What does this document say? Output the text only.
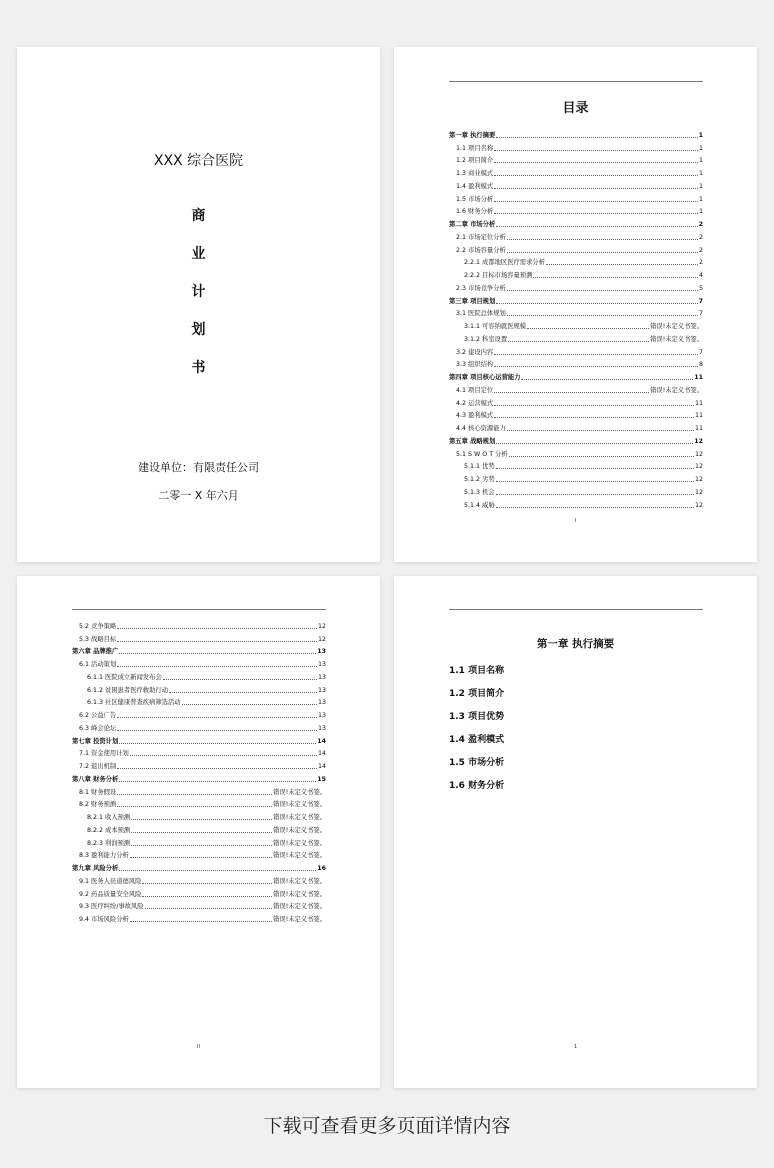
XXX 综合医院
商
业
计
划
书
建设单位：有限责任公司
二零一 X 年六月
目录
第一章 执行摘要	1
1.1 项目名称	1
1.2 项目简介	1
1.3 商业模式	1
1.4 盈利模式	1
1.5 市场分析	1
1.6 财务分析	1
第二章 市场分析	2
2.1 市场定位分析	2
2.2 市场容量分析	2
2.2.1 成都地区医疗需求分析	2
2.2.2 目标市场容量预测	4
2.3 市场竞争分析	5
第三章 项目规划	7
3.1 医院总体规划	7
3.1.1 可容纳就医规模	错误!未定义书签。
3.1.2 科室设置	错误!未定义书签。
3.2 建设内容	7
3.3 组织结构	8
第四章 项目核心运营能力	11
4.1 项目定位	错误!未定义书签。
4.2 运营模式	11
4.3 盈利模式	11
4.4 核心资源能力	11
第五章 战略规划	12
5.1 S W O T 分析	12
5.1.1 优势	12
5.1.2 劣势	12
5.1.3 机会	12
5.1.4 威胁	12
I
5.2 竞争策略	12
5.3 战略目标	12
第六章 品牌推广	13
6.1 活动策划	13
6.1.1 医院成立新闻发布会	13
6.1.2 贫困患者医疗救助行动	13
6.1.3 社区健康普查疾病筛选活动	13
6.2 公益广告	13
6.3 峰会论坛	13
第七章 投资计划	14
7.1 资金使用计划	14
7.2 退出机制	14
第八章 财务分析	15
8.1 财务假设	错误!未定义书签。
8.2 财务预测	错误!未定义书签。
8.2.1 收入预测	错误!未定义书签。
8.2.2 成本预测	错误!未定义书签。
8.2.3 利润预测	错误!未定义书签。
8.3 盈利能力分析	错误!未定义书签。
第九章 风险分析	16
9.1 医务人员道德风险	错误!未定义书签。
9.2 药品质量安全风险	错误!未定义书签。
9.3 医疗纠纷/事故风险	错误!未定义书签。
9.4 市场风险分析	错误!未定义书签。
II
第一章 执行摘要
1.1 项目名称
1.2 项目简介
1.3 项目优势
1.4 盈利模式
1.5 市场分析
1.6 财务分析
1
下载可查看更多页面详情内容
